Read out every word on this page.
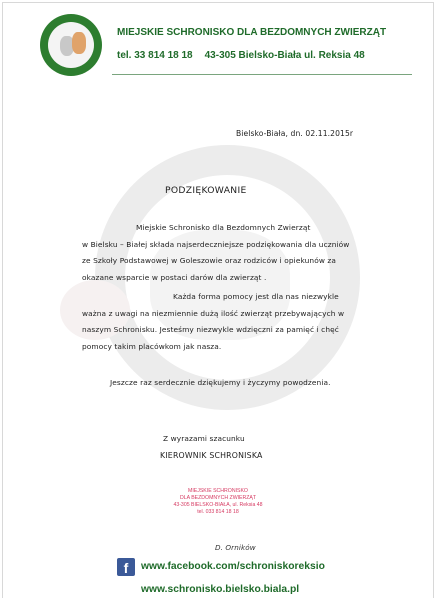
MIEJSKIE SCHRONISKO DLA BEZDOMNYCH ZWIERZĄT
tel. 33 814 18 18 43-305 Bielsko-Biała ul. Reksia 48
Bielsko-Biała, dn. 02.11.2015r
PODZIĘKOWANIE
Miejskie Schronisko dla Bezdomnych Zwierząt
w Bielsku – Białej składa najserdeczniejsze podziękowania dla uczniów
ze Szkoły Podstawowej w Goleszowie oraz rodziców i opiekunów za
okazane wsparcie w postaci darów dla zwierząt .
Każda forma pomocy jest dla nas niezwykle
ważna z uwagi na niezmiennie dużą ilość zwierząt przebywających w
naszym Schronisku. Jesteśmy niezwykle wdzięczni za pamięć i chęć
pomocy takim placówkom jak nasza.
Jeszcze raz serdecznie dziękujemy i życzymy powodzenia.
Z wyrazami szacunku
KIEROWNIK SCHRONISKA
MIEJSKIE SCHRONISKO
DLA BEZDOMNYCH ZWIERZĄT
43-305 BIELSKO-BIAŁA, ul. Reksia 48
tel. 033 814 18 18
D. Orników
f	www.facebook.com/schroniskoreksio
www.schronisko.bielsko.biala.pl
